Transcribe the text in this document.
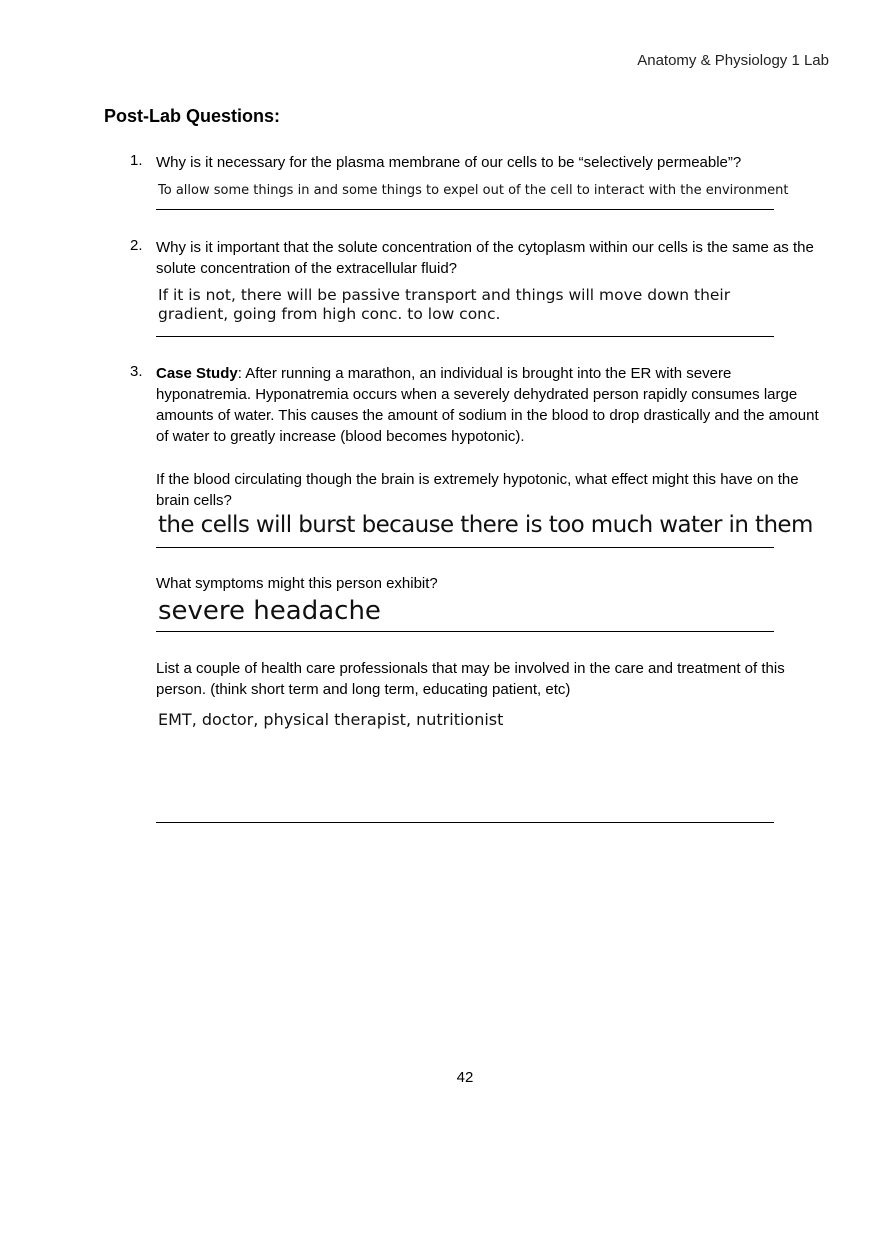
Anatomy & Physiology 1 Lab
Post-Lab Questions:
1. Why is it necessary for the plasma membrane of our cells to be “selectively permeable”?
To allow some things in and some things to expel out of the cell to interact with the environment
2. Why is it important that the solute concentration of the cytoplasm within our cells is the same as the solute concentration of the extracellular fluid?
If it is not, there will be passive transport and things will move down their gradient, going from high conc. to low conc.
3. Case Study: After running a marathon, an individual is brought into the ER with severe hyponatremia. Hyponatremia occurs when a severely dehydrated person rapidly consumes large amounts of water. This causes the amount of sodium in the blood to drop drastically and the amount of water to greatly increase (blood becomes hypotonic).
If the blood circulating though the brain is extremely hypotonic, what effect might this have on the brain cells?
the cells will burst because there is too much water in them
What symptoms might this person exhibit?
severe headache
List a couple of health care professionals that may be involved in the care and treatment of this person. (think short term and long term, educating patient, etc)
EMT, doctor, physical therapist, nutritionist
42
